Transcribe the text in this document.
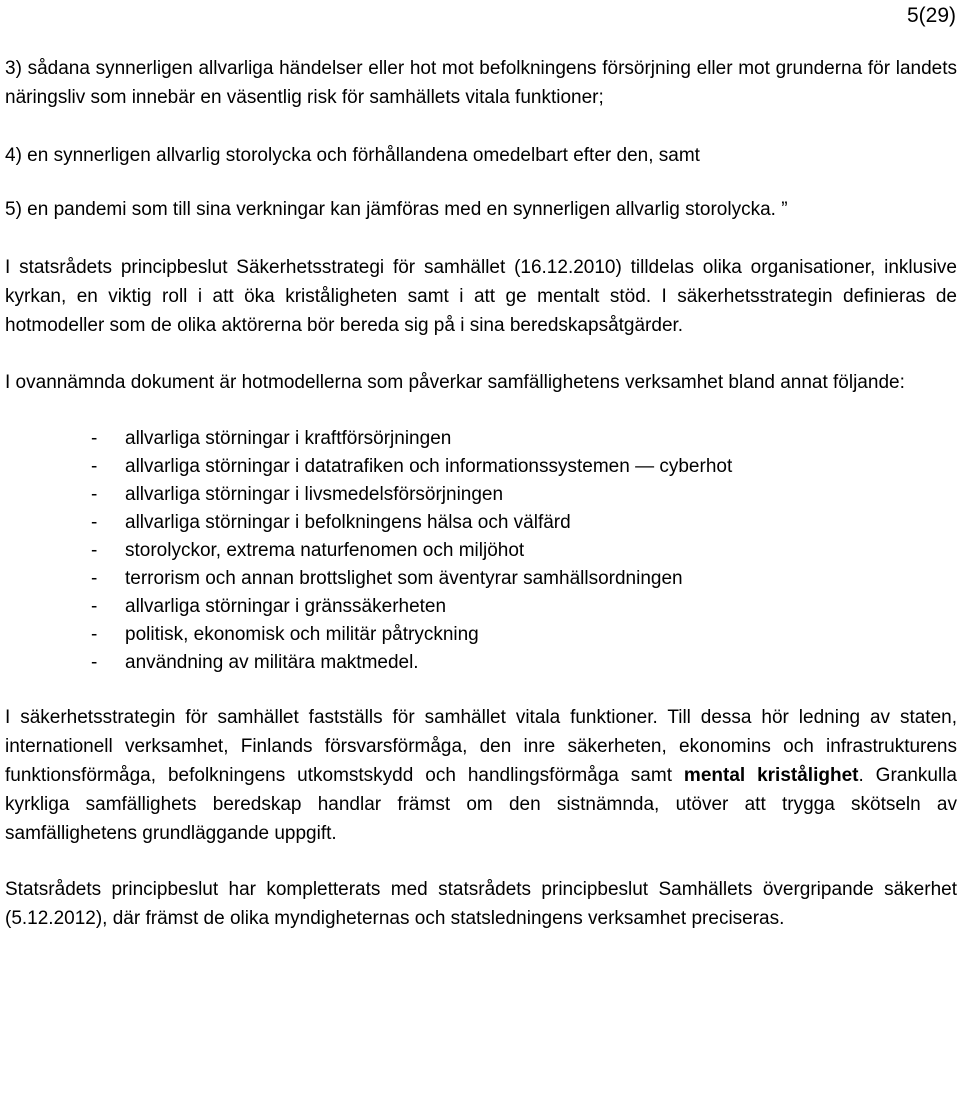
5(29)

3) sådana synnerligen allvarliga händelser eller hot mot befolkningens försörjning eller mot grunderna för landets näringsliv som innebär en väsentlig risk för samhällets vitala funktioner;

4) en synnerligen allvarlig storolycka och förhållandena omedelbart efter den, samt

5) en pandemi som till sina verkningar kan jämföras med en synnerligen allvarlig storolycka. ”

I statsrådets principbeslut Säkerhetsstrategi för samhället (16.12.2010) tilldelas olika organisationer, inklusive kyrkan, en viktig roll i att öka kriståligheten samt i att ge mentalt stöd. I säkerhetsstrategin definieras de hotmodeller som de olika aktörerna bör bereda sig på i sina beredskapsåtgärder.

I ovannämnda dokument är hotmodellerna som påverkar samfällighetens verksamhet bland annat följande:

- allvarliga störningar i kraftförsörjningen
- allvarliga störningar i datatrafiken och informationssystemen — cyberhot
- allvarliga störningar i livsmedelsförsörjningen
- allvarliga störningar i befolkningens hälsa och välfärd
- storolyckor, extrema naturfenomen och miljöhot
- terrorism och annan brottslighet som äventyrar samhällsordningen
- allvarliga störningar i gränssäkerheten
- politisk, ekonomisk och militär påtryckning
- användning av militära maktmedel.

I säkerhetsstrategin för samhället fastställs för samhället vitala funktioner. Till dessa hör ledning av staten, internationell verksamhet, Finlands försvarsförmåga, den inre säkerheten, ekonomins och infrastrukturens funktionsförmåga, befolkningens utkomstskydd och handlingsförmåga samt mental kristålighet. Grankulla kyrkliga samfällighets beredskap handlar främst om den sistnämnda, utöver att trygga skötseln av samfällighetens grundläggande uppgift.

Statsrådets principbeslut har kompletterats med statsrådets principbeslut Samhällets övergripande säkerhet (5.12.2012), där främst de olika myndigheternas och statsledningens verksamhet preciseras.
